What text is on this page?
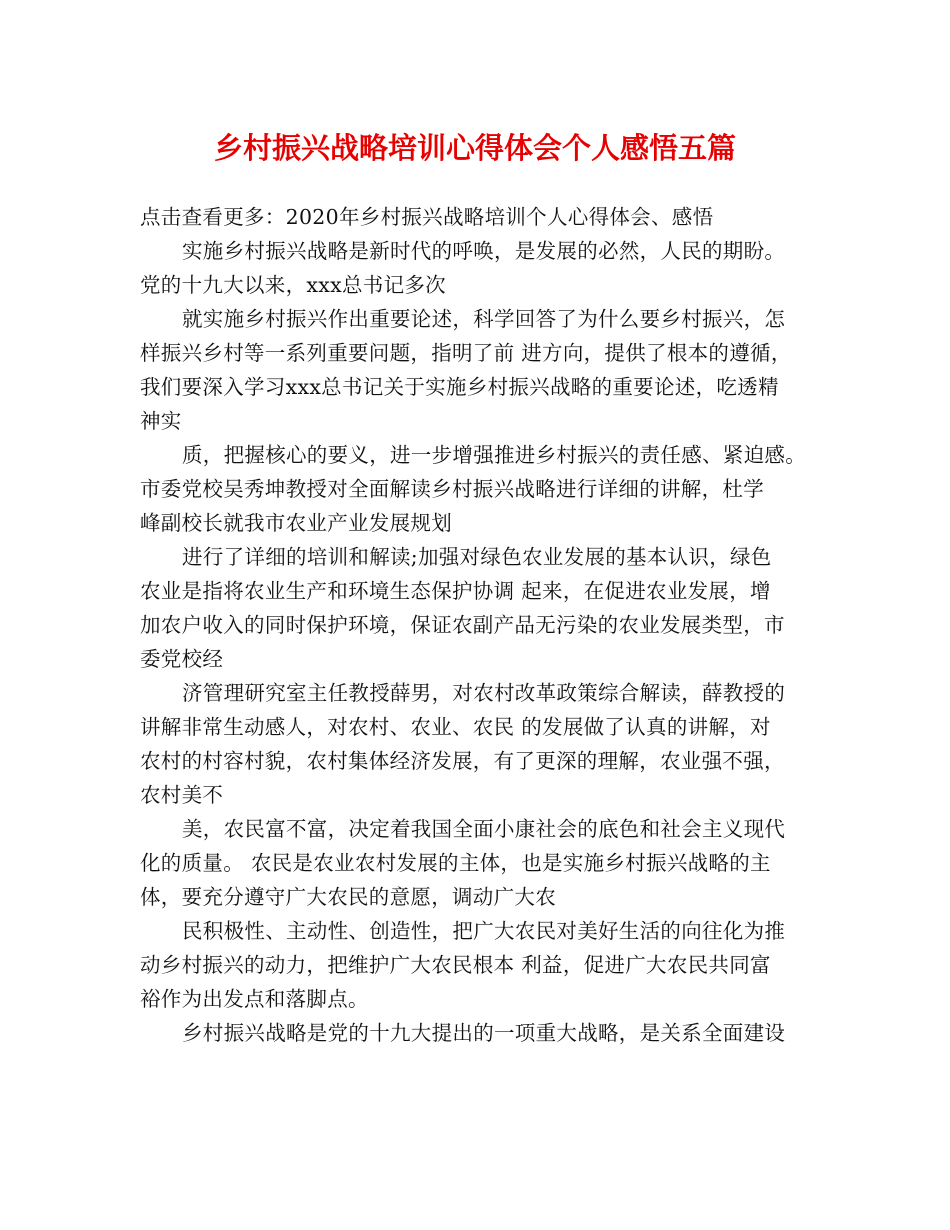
乡村振兴战略培训心得体会个人感悟五篇
点击查看更多：2020年乡村振兴战略培训个人心得体会、感悟
实施乡村振兴战略是新时代的呼唤，是发展的必然，人民的期盼。
党的十九大以来，xxx总书记多次
就实施乡村振兴作出重要论述，科学回答了为什么要乡村振兴，怎
样振兴乡村等一系列重要问题，指明了前 进方向，提供了根本的遵循，
我们要深入学习xxx总书记关于实施乡村振兴战略的重要论述，吃透精
神实
质，把握核心的要义，进一步增强推进乡村振兴的责任感、紧迫感。
市委党校吴秀坤教授对全面解读乡村振兴战略进行详细的讲解，杜学
峰副校长就我市农业产业发展规划
进行了详细的培训和解读;加强对绿色农业发展的基本认识，绿色
农业是指将农业生产和环境生态保护协调 起来，在促进农业发展，增
加农户收入的同时保护环境，保证农副产品无污染的农业发展类型，市
委党校经
济管理研究室主任教授薛男，对农村改革政策综合解读，薛教授的
讲解非常生动感人，对农村、农业、农民 的发展做了认真的讲解，对
农村的村容村貌，农村集体经济发展，有了更深的理解，农业强不强，
农村美不
美，农民富不富，决定着我国全面小康社会的底色和社会主义现代
化的质量。 农民是农业农村发展的主体，也是实施乡村振兴战略的主
体，要充分遵守广大农民的意愿，调动广大农
民积极性、主动性、创造性，把广大农民对美好生活的向往化为推
动乡村振兴的动力，把维护广大农民根本 利益，促进广大农民共同富
裕作为出发点和落脚点。
乡村振兴战略是党的十九大提出的一项重大战略，是关系全面建设
